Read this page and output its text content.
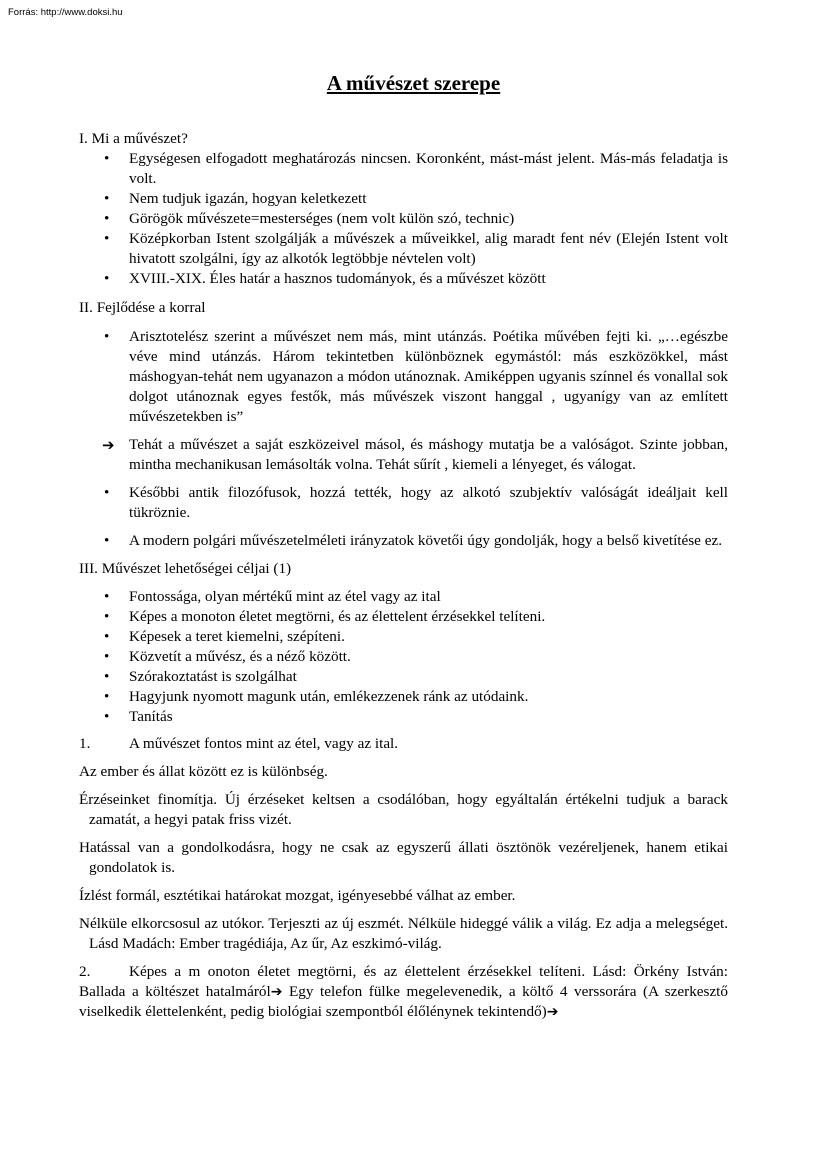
Forrás: http://www.doksi.hu
A művészet szerepe

I. Mi a művészet?

• Egységesen elfogadott meghatározás nincsen. Koronként, mást-mást jelent. Más-más feladatja is volt.
• Nem tudjuk igazán, hogyan keletkezett
• Görögök művészete=mesterséges (nem volt külön szó, technic)
• Középkorban Istent szolgálják a művészek a műveikkel, alig maradt fent név (Elején Istent volt hivatott szolgálni, így az alkotók legtöbbje névtelen volt)
• XVIII.-XIX. Éles határ a hasznos tudományok, és a művészet között

II. Fejlődése a korral

• Arisztotelész szerint a művészet nem más, mint utánzás. Poétika művében fejti ki. „…egészbe véve mind utánzás. Három tekintetben különböznek egymástól: más eszközökkel, mást máshogyan-tehát nem ugyanazon a módon utánoznak. Amiképpen ugyanis színnel és vonallal sok dolgot utánoznak egyes festők, más művészek viszont hanggal , ugyanígy van az említett művészetekben is”
➔ Tehát a művészet a saját eszközeivel másol, és máshogy mutatja be a valóságot. Szinte jobban, mintha mechanikusan lemásolták volna. Tehát sűrít , kiemeli a lényeget, és válogat.
• Későbbi antik filozófusok, hozzá tették, hogy az alkotó szubjektív valóságát ideáljait kell tükröznie.
• A modern polgári művészetelméleti irányzatok követői úgy gondolják, hogy a belső kivetítése ez.

III. Művészet lehetőségei céljai (1)

• Fontossága, olyan mértékű mint az étel vagy az ital
• Képes a monoton életet megtörni, és az élettelent érzésekkel telíteni.
• Képesek a teret kiemelni, szépíteni.
• Közvetít a művész, és a néző között.
• Szórakoztatást is szolgálhat
• Hagyjunk nyomott magunk után, emlékezzenek ránk az utódaink.
• Tanítás
1.	A művészet fontos mint az étel, vagy az ital.

Az ember és állat között ez is különbség.

Érzéseinket finomítja. Új érzéseket keltsen a csodálóban, hogy egyáltalán értékelni tudjuk a barack zamatát, a hegyi patak friss vizét.

Hatással van a gondolkodásra, hogy ne csak az egyszerű állati ösztönök vezéreljenek, hanem etikai gondolatok is.

Ízlést formál, esztétikai határokat mozgat, igényesebbé válhat az ember.

Nélküle elkorcsosul az utókor. Terjeszti az új eszmét. Nélküle hideggé válik a világ. Ez adja a melegséget. Lásd Madách: Ember tragédiája, Az űr, Az eszkimó-világ.

2.	Képes a m onoton életet megtörni, és az élettelent érzésekkel telíteni. Lásd: Örkény István: Ballada a költészet hatalmáról➔ Egy telefon fülke megelevenedik, a költő 4 verssorára (A szerkesztő viselkedik élettelenként, pedig biológiai szempontból élőlénynek tekintendő)➔
